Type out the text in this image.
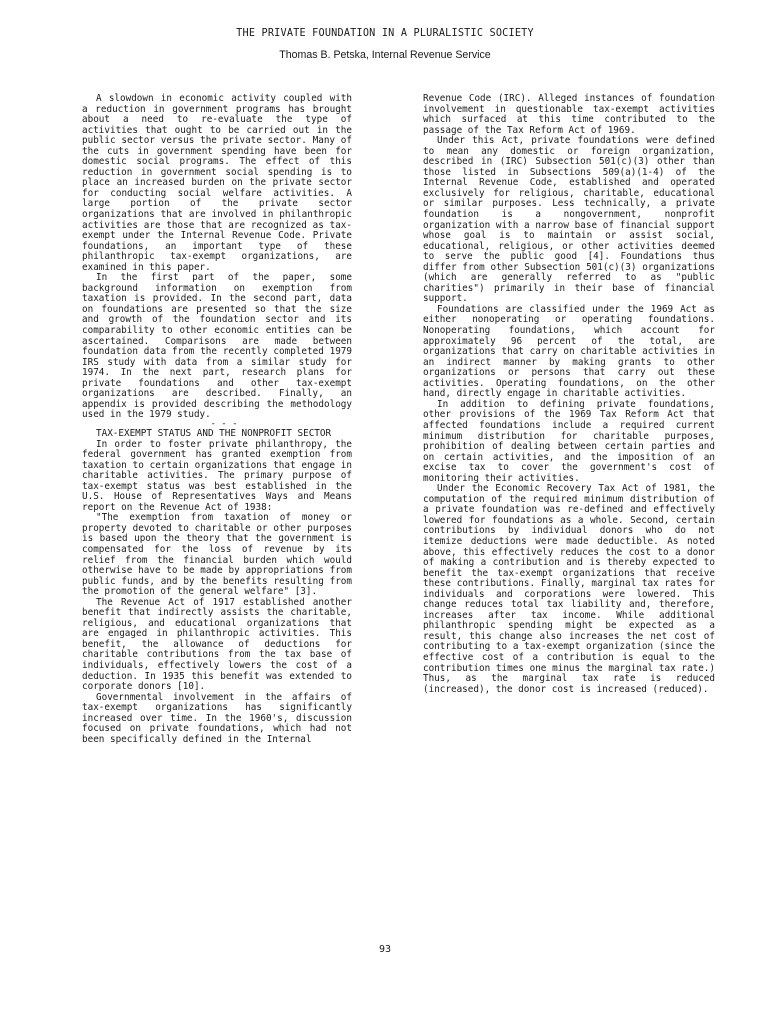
THE PRIVATE FOUNDATION IN A PLURALISTIC SOCIETY
Thomas B. Petska, Internal Revenue Service

A slowdown in economic activity coupled with a reduction in government programs has brought about a need to re-evaluate the type of activities that ought to be carried out in the public sector versus the private sector. Many of the cuts in government spending have been for domestic social programs. The effect of this reduction in government social spending is to place an increased burden on the private sector for conducting social welfare activities. A large portion of the private sector organizations that are involved in philanthropic activities are those that are recognized as tax-exempt under the Internal Revenue Code. Private foundations, an important type of these philanthropic tax-exempt organizations, are examined in this paper.

In the first part of the paper, some background information on exemption from taxation is provided. In the second part, data on foundations are presented so that the size and growth of the foundation sector and its comparability to other economic entities can be ascertained. Comparisons are made between foundation data from the recently completed 1979 IRS study with data from a similar study for 1974. In the next part, research plans for private foundations and other tax-exempt organizations are described. Finally, an appendix is provided describing the methodology used in the 1979 study.

- - -

TAX-EXEMPT STATUS AND THE NONPROFIT SECTOR

In order to foster private philanthropy, the federal government has granted exemption from taxation to certain organizations that engage in charitable activities. The primary purpose of tax-exempt status was best established in the U.S. House of Representatives Ways and Means report on the Revenue Act of 1938:

"The exemption from taxation of money or property devoted to charitable or other purposes is based upon the theory that the government is compensated for the loss of revenue by its relief from the financial burden which would otherwise have to be made by appropriations from public funds, and by the benefits resulting from the promotion of the general welfare" [3].

The Revenue Act of 1917 established another benefit that indirectly assists the charitable, religious, and educational organizations that are engaged in philanthropic activities. This benefit, the allowance of deductions for charitable contributions from the tax base of individuals, effectively lowers the cost of a deduction. In 1935 this benefit was extended to corporate donors [10].

Governmental involvement in the affairs of tax-exempt organizations has significantly increased over time. In the 1960's, discussion focused on private foundations, which had not been specifically defined in the Internal

Revenue Code (IRC). Alleged instances of foundation involvement in questionable tax-exempt activities which surfaced at this time contributed to the passage of the Tax Reform Act of 1969.

Under this Act, private foundations were defined to mean any domestic or foreign organization, described in (IRC) Subsection 501(c)(3) other than those listed in Subsections 509(a)(1-4) of the Internal Revenue Code, established and operated exclusively for religious, charitable, educational or similar purposes. Less technically, a private foundation is a nongovernment, nonprofit organization with a narrow base of financial support whose goal is to maintain or assist social, educational, religious, or other activities deemed to serve the public good [4]. Foundations thus differ from other Subsection 501(c)(3) organizations (which are generally referred to as "public charities") primarily in their base of financial support.

Foundations are classified under the 1969 Act as either nonoperating or operating foundations. Nonoperating foundations, which account for approximately 96 percent of the total, are organizations that carry on charitable activities in an indirect manner by making grants to other organizations or persons that carry out these activities. Operating foundations, on the other hand, directly engage in charitable activities.

In addition to defining private foundations, other provisions of the 1969 Tax Reform Act that affected foundations include a required current minimum distribution for charitable purposes, prohibition of dealing between certain parties and on certain activities, and the imposition of an excise tax to cover the government's cost of monitoring their activities.

Under the Economic Recovery Tax Act of 1981, the computation of the required minimum distribution of a private foundation was re-defined and effectively lowered for foundations as a whole. Second, certain contributions by individual donors who do not itemize deductions were made deductible. As noted above, this effectively reduces the cost to a donor of making a contribution and is thereby expected to benefit the tax-exempt organizations that receive these contributions. Finally, marginal tax rates for individuals and corporations were lowered. This change reduces total tax liability and, therefore, increases after tax income. While additional philanthropic spending might be expected as a result, this change also increases the net cost of contributing to a tax-exempt organization (since the effective cost of a contribution is equal to the contribution times one minus the marginal tax rate.) Thus, as the marginal tax rate is reduced (increased), the donor cost is increased (reduced).

93
